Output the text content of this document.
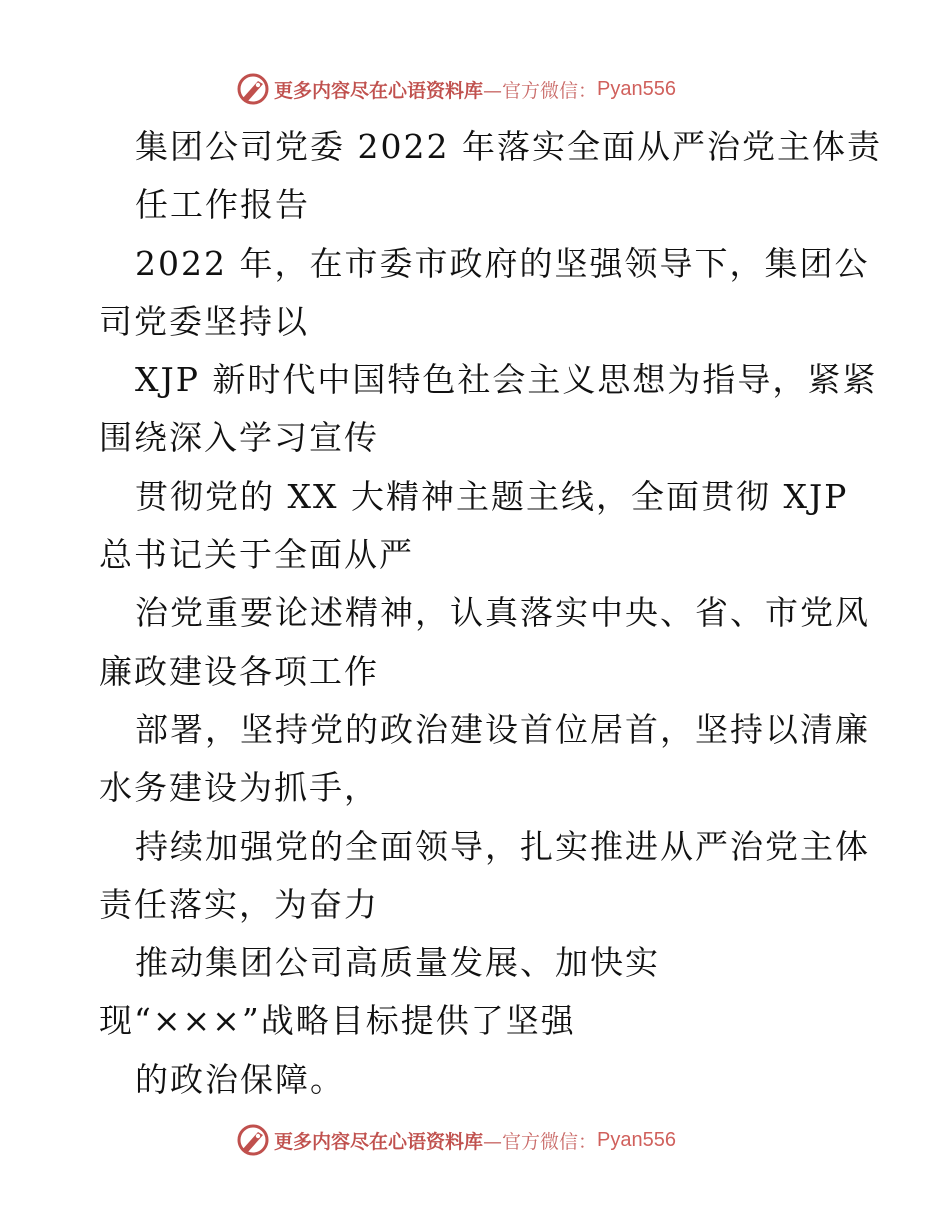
更多内容尽在心语资料库 —官方微信： Pyan556

集团公司党委 2022 年落实全面从严治党主体责

任工作报告

2022 年，在市委市政府的坚强领导下，集团公

司党委坚持以

XJP 新时代中国特色社会主义思想为指导，紧紧

围绕深入学习宣传

贯彻党的 XX 大精神主题主线，全面贯彻 XJP

总书记关于全面从严

治党重要论述精神，认真落实中央、省、市党风

廉政建设各项工作

部署，坚持党的政治建设首位居首，坚持以清廉

水务建设为抓手，

持续加强党的全面领导，扎实推进从严治党主体

责任落实，为奋力

推动集团公司高质量发展、加快实

现“×××”战略目标提供了坚强

的政治保障。

更多内容尽在心语资料库 —官方微信： Pyan556
